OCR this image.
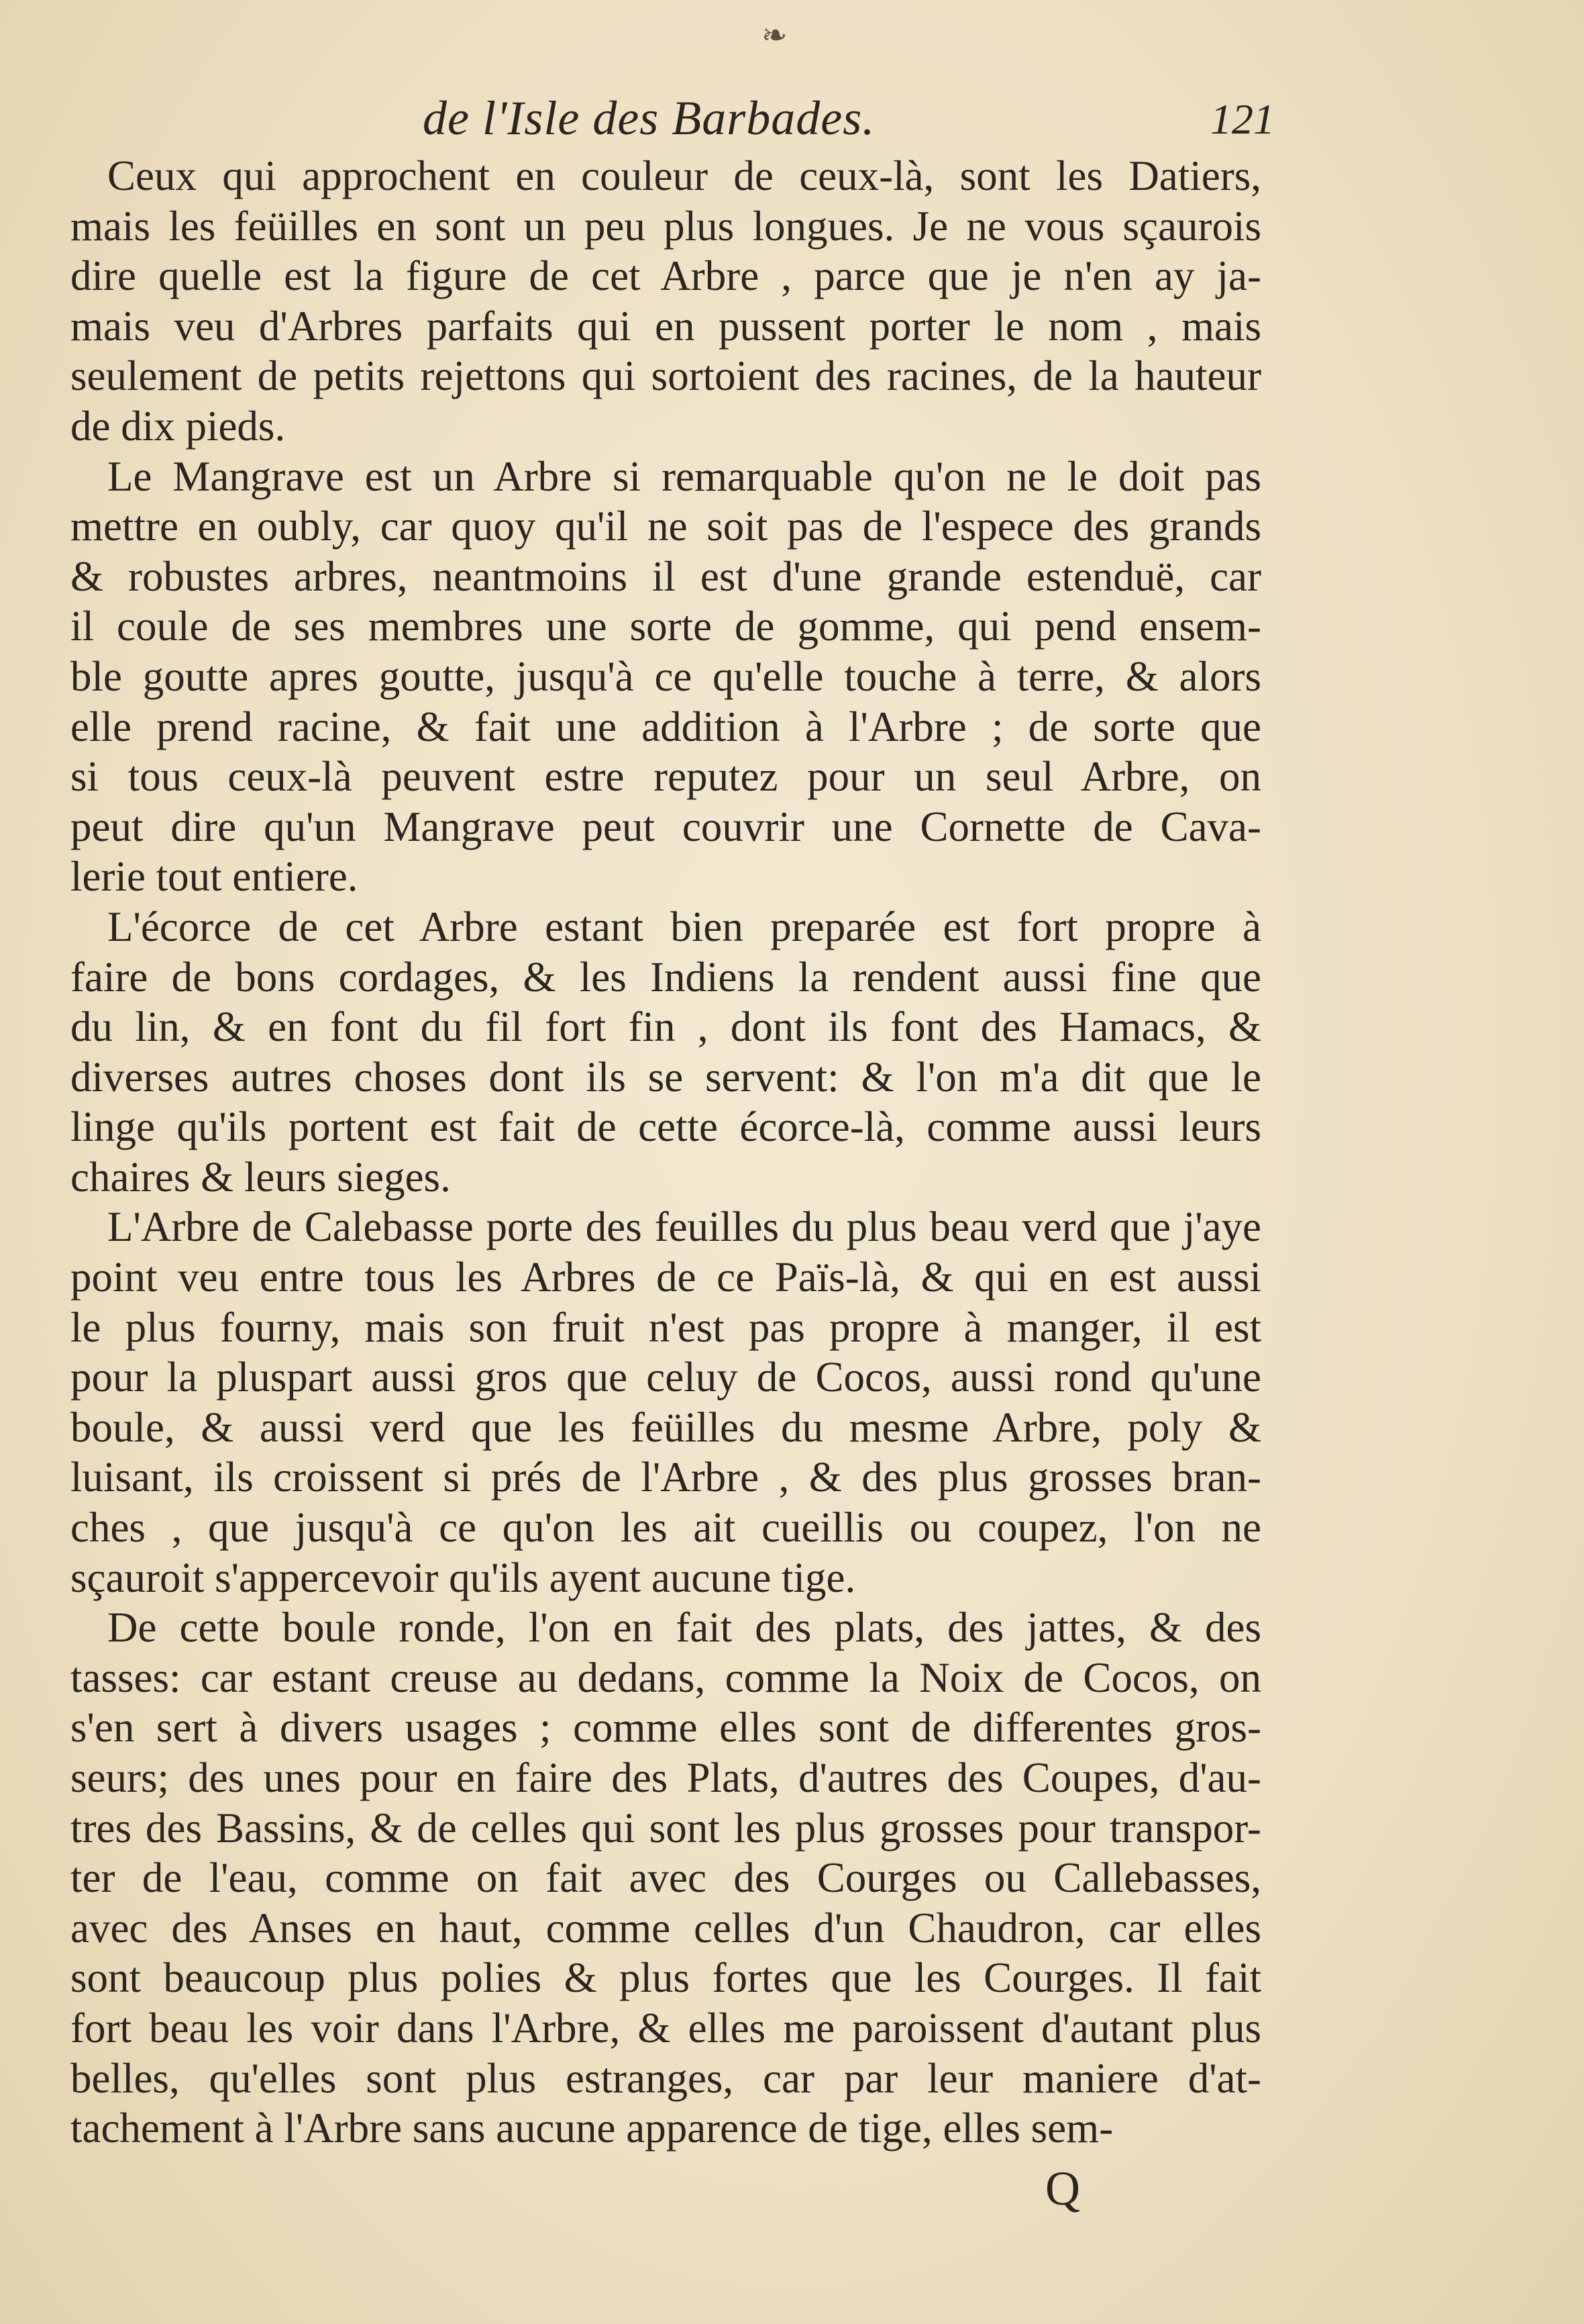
❧
de l'Isle des Barbades.	121
Ceux qui approchent en couleur de ceux-là, sont les Datiers,
mais les feüilles en sont un peu plus longues. Je ne vous sçaurois
dire quelle est la figure de cet Arbre , parce que je n'en ay ja-
mais veu d'Arbres parfaits qui en pussent porter le nom , mais
seulement de petits rejettons qui sortoient des racines, de la hauteur
de dix pieds.
Le Mangrave est un Arbre si remarquable qu'on ne le doit pas
mettre en oubly, car quoy qu'il ne soit pas de l'espece des grands
& robustes arbres, neantmoins il est d'une grande estenduë, car
il coule de ses membres une sorte de gomme, qui pend ensem-
ble goutte apres goutte, jusqu'à ce qu'elle touche à terre, & alors
elle prend racine, & fait une addition à l'Arbre ; de sorte que
si tous ceux-là peuvent estre reputez pour un seul Arbre, on
peut dire qu'un Mangrave peut couvrir une Cornette de Cava-
lerie tout entiere.
L'écorce de cet Arbre estant bien preparée est fort propre à
faire de bons cordages, & les Indiens la rendent aussi fine que
du lin, & en font du fil fort fin , dont ils font des Hamacs, &
diverses autres choses dont ils se servent: & l'on m'a dit que le
linge qu'ils portent est fait de cette écorce-là, comme aussi leurs
chaires & leurs sieges.
L'Arbre de Calebasse porte des feuilles du plus beau verd que j'aye
point veu entre tous les Arbres de ce Païs-là, & qui en est aussi
le plus fourny, mais son fruit n'est pas propre à manger, il est
pour la pluspart aussi gros que celuy de Cocos, aussi rond qu'une
boule, & aussi verd que les feüilles du mesme Arbre, poly &
luisant, ils croissent si prés de l'Arbre , & des plus grosses bran-
ches , que jusqu'à ce qu'on les ait cueillis ou coupez, l'on ne
sçauroit s'appercevoir qu'ils ayent aucune tige.
De cette boule ronde, l'on en fait des plats, des jattes, & des
tasses: car estant creuse au dedans, comme la Noix de Cocos, on
s'en sert à divers usages ; comme elles sont de differentes gros-
seurs; des unes pour en faire des Plats, d'autres des Coupes, d'au-
tres des Bassins, & de celles qui sont les plus grosses pour transpor-
ter de l'eau, comme on fait avec des Courges ou Callebasses,
avec des Anses en haut, comme celles d'un Chaudron, car elles
sont beaucoup plus polies & plus fortes que les Courges. Il fait
fort beau les voir dans l'Arbre, & elles me paroissent d'autant plus
belles, qu'elles sont plus estranges, car par leur maniere d'at-
tachement à l'Arbre sans aucune apparence de tige, elles sem-
Q
